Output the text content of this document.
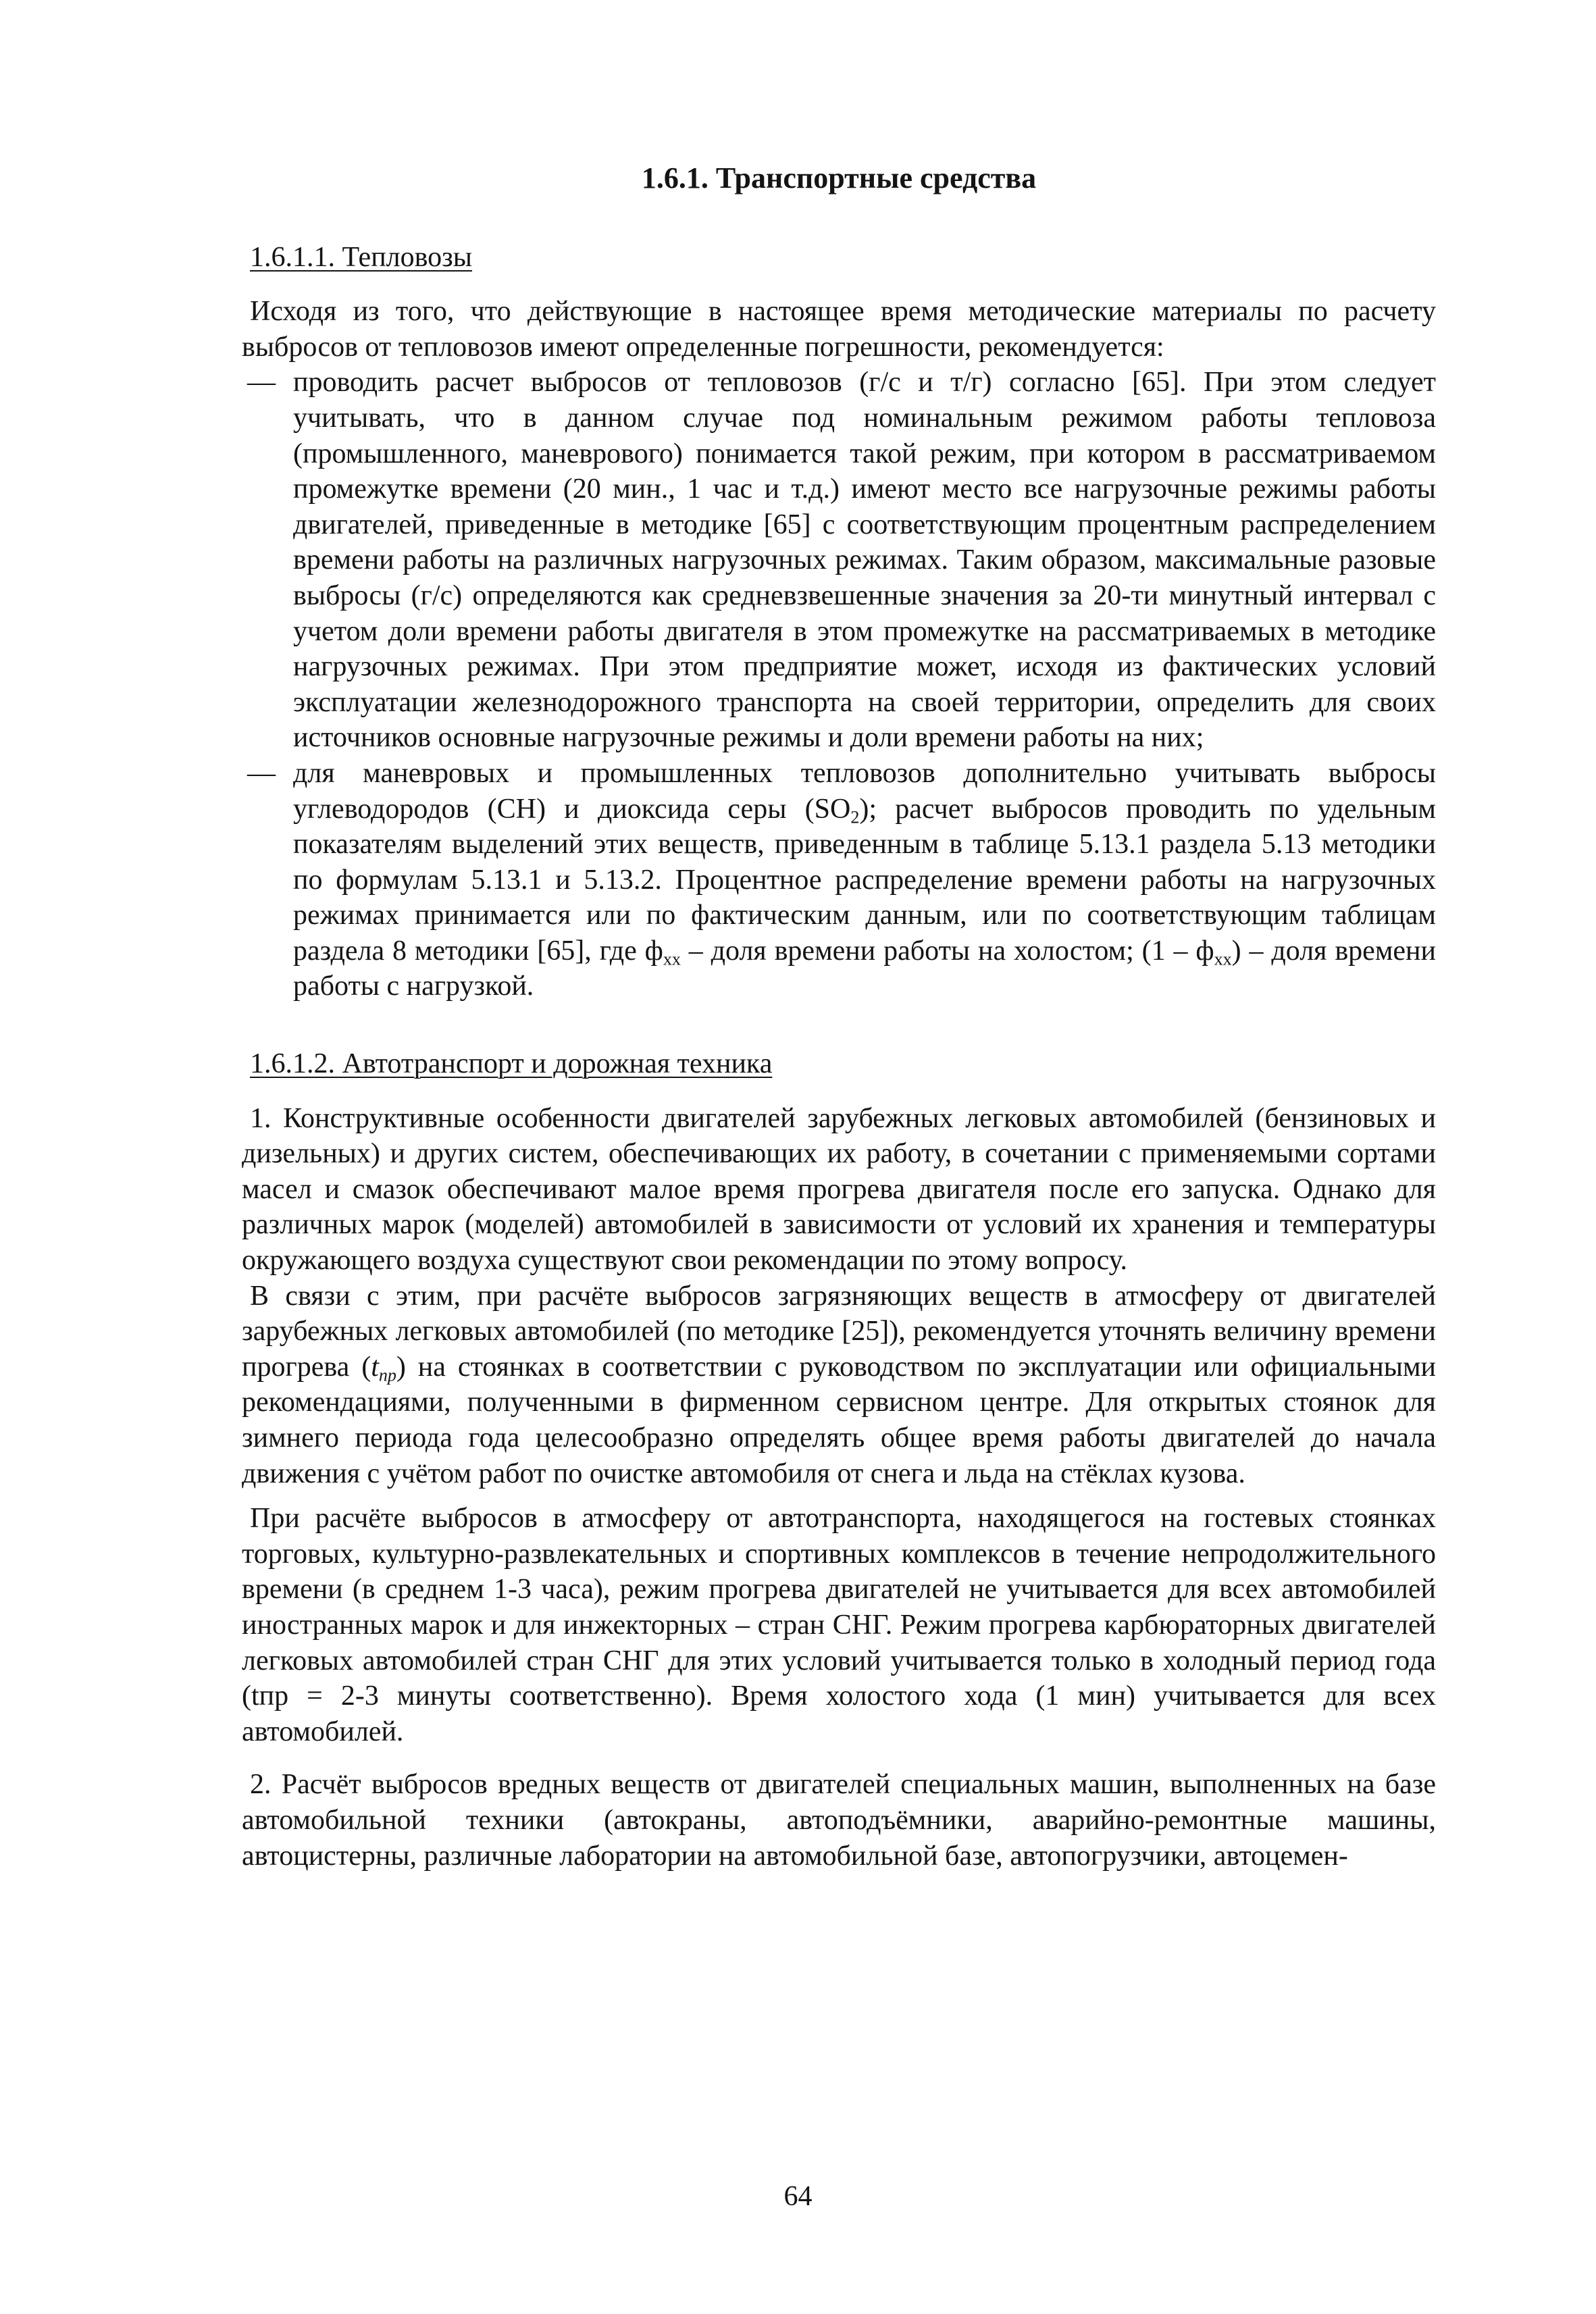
1.6.1. Транспортные средства

1.6.1.1. Тепловозы

Исходя из того, что действующие в настоящее время методические материалы по расчету выбросов от тепловозов имеют определенные погрешности, рекомендуется:

— проводить расчет выбросов от тепловозов (г/с и т/г) согласно [65]. При этом следует учитывать, что в данном случае под номинальным режимом работы тепловоза (промышленного, маневрового) понимается такой режим, при котором в рассматриваемом промежутке времени (20 мин., 1 час и т.д.) имеют место все нагрузочные режимы работы двигателей, приведенные в методике [65] с соответствующим процентным распределением времени работы на различных нагрузочных режимах. Таким образом, максимальные разовые выбросы (г/с) определяются как средневзвешенные значения за 20-ти минутный интервал с учетом доли времени работы двигателя в этом промежутке на рассматриваемых в методике нагрузочных режимах. При этом предприятие может, исходя из фактических условий эксплуатации железнодорожного транспорта на своей территории, определить для своих источников основные нагрузочные режимы и доли времени работы на них;
— для маневровых и промышленных тепловозов дополнительно учитывать выбросы углеводородов (CH) и диоксида серы $(SO_2)$; расчет выбросов проводить по удельным показателям выделений этих веществ, приведенным в таблице 5.13.1 раздела 5.13 методики по формулам 5.13.1 и 5.13.2. Процентное распределение времени работы на нагрузочных режимах принимается или по фактическим данным, или по соответствующим таблицам раздела 8 методики [65], где $ф_{xx}$ – доля времени работы на холостом; $(1 - ф_{xx})$ – доля времени работы с нагрузкой.

1.6.1.2. Автотранспорт и дорожная техника

1. Конструктивные особенности двигателей зарубежных легковых автомобилей (бензиновых и дизельных) и других систем, обеспечивающих их работу, в сочетании с применяемыми сортами масел и смазок обеспечивают малое время прогрева двигателя после его запуска. Однако для различных марок (моделей) автомобилей в зависимости от условий их хранения и температуры окружающего воздуха существуют свои рекомендации по этому вопросу.

В связи с этим, при расчёте выбросов загрязняющих веществ в атмосферу от двигателей зарубежных легковых автомобилей (по методике [25]), рекомендуется уточнять величину времени прогрева $(t_{пр})$ на стоянках в соответствии с руководством по эксплуатации или официальными рекомендациями, полученными в фирменном сервисном центре. Для открытых стоянок для зимнего периода года целесообразно определять общее время работы двигателей до начала движения с учётом работ по очистке автомобиля от снега и льда на стёклах кузова.

При расчёте выбросов в атмосферу от автотранспорта, находящегося на гостевых стоянках торговых, культурно-развлекательных и спортивных комплексов в течение непродолжительного времени (в среднем 1-3 часа), режим прогрева двигателей не учитывается для всех автомобилей иностранных марок и для инжекторных – стран СНГ. Режим прогрева карбюраторных двигателей легковых автомобилей стран СНГ для этих условий учитывается только в холодный период года (tпр = 2-3 минуты соответственно). Время холостого хода (1 мин) учитывается для всех автомобилей.

2. Расчёт выбросов вредных веществ от двигателей специальных машин, выполненных на базе автомобильной техники (автокраны, автоподъёмники, аварийно-ремонтные машины, автоцистерны, различные лаборатории на автомобильной базе, автопогрузчики, автоцемен-

64
